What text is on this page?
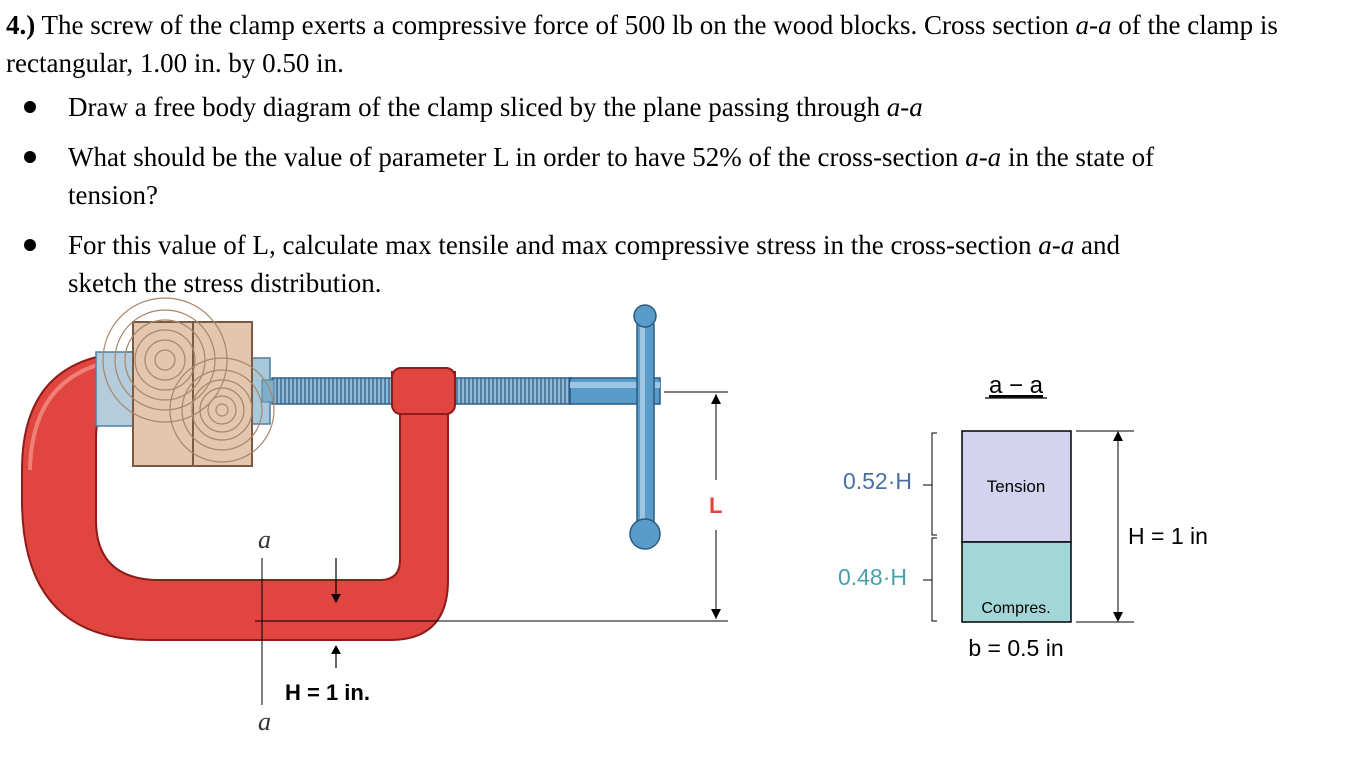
4.) The screw of the clamp exerts a compressive force of 500 lb on the wood blocks. Cross section a-a of the clamp is rectangular, 1.00 in. by 0.50 in.
Draw a free body diagram of the clamp sliced by the plane passing through a-a
What should be the value of parameter L in order to have 52% of the cross-section a-a in the state of tension?
For this value of L, calculate max tensile and max compressive stress in the cross-section a-a and sketch the stress distribution.
a
a
H = 1 in.
L
a − a
Tension
Compres.
0.52·H
0.48·H
H = 1 in
b = 0.5 in
